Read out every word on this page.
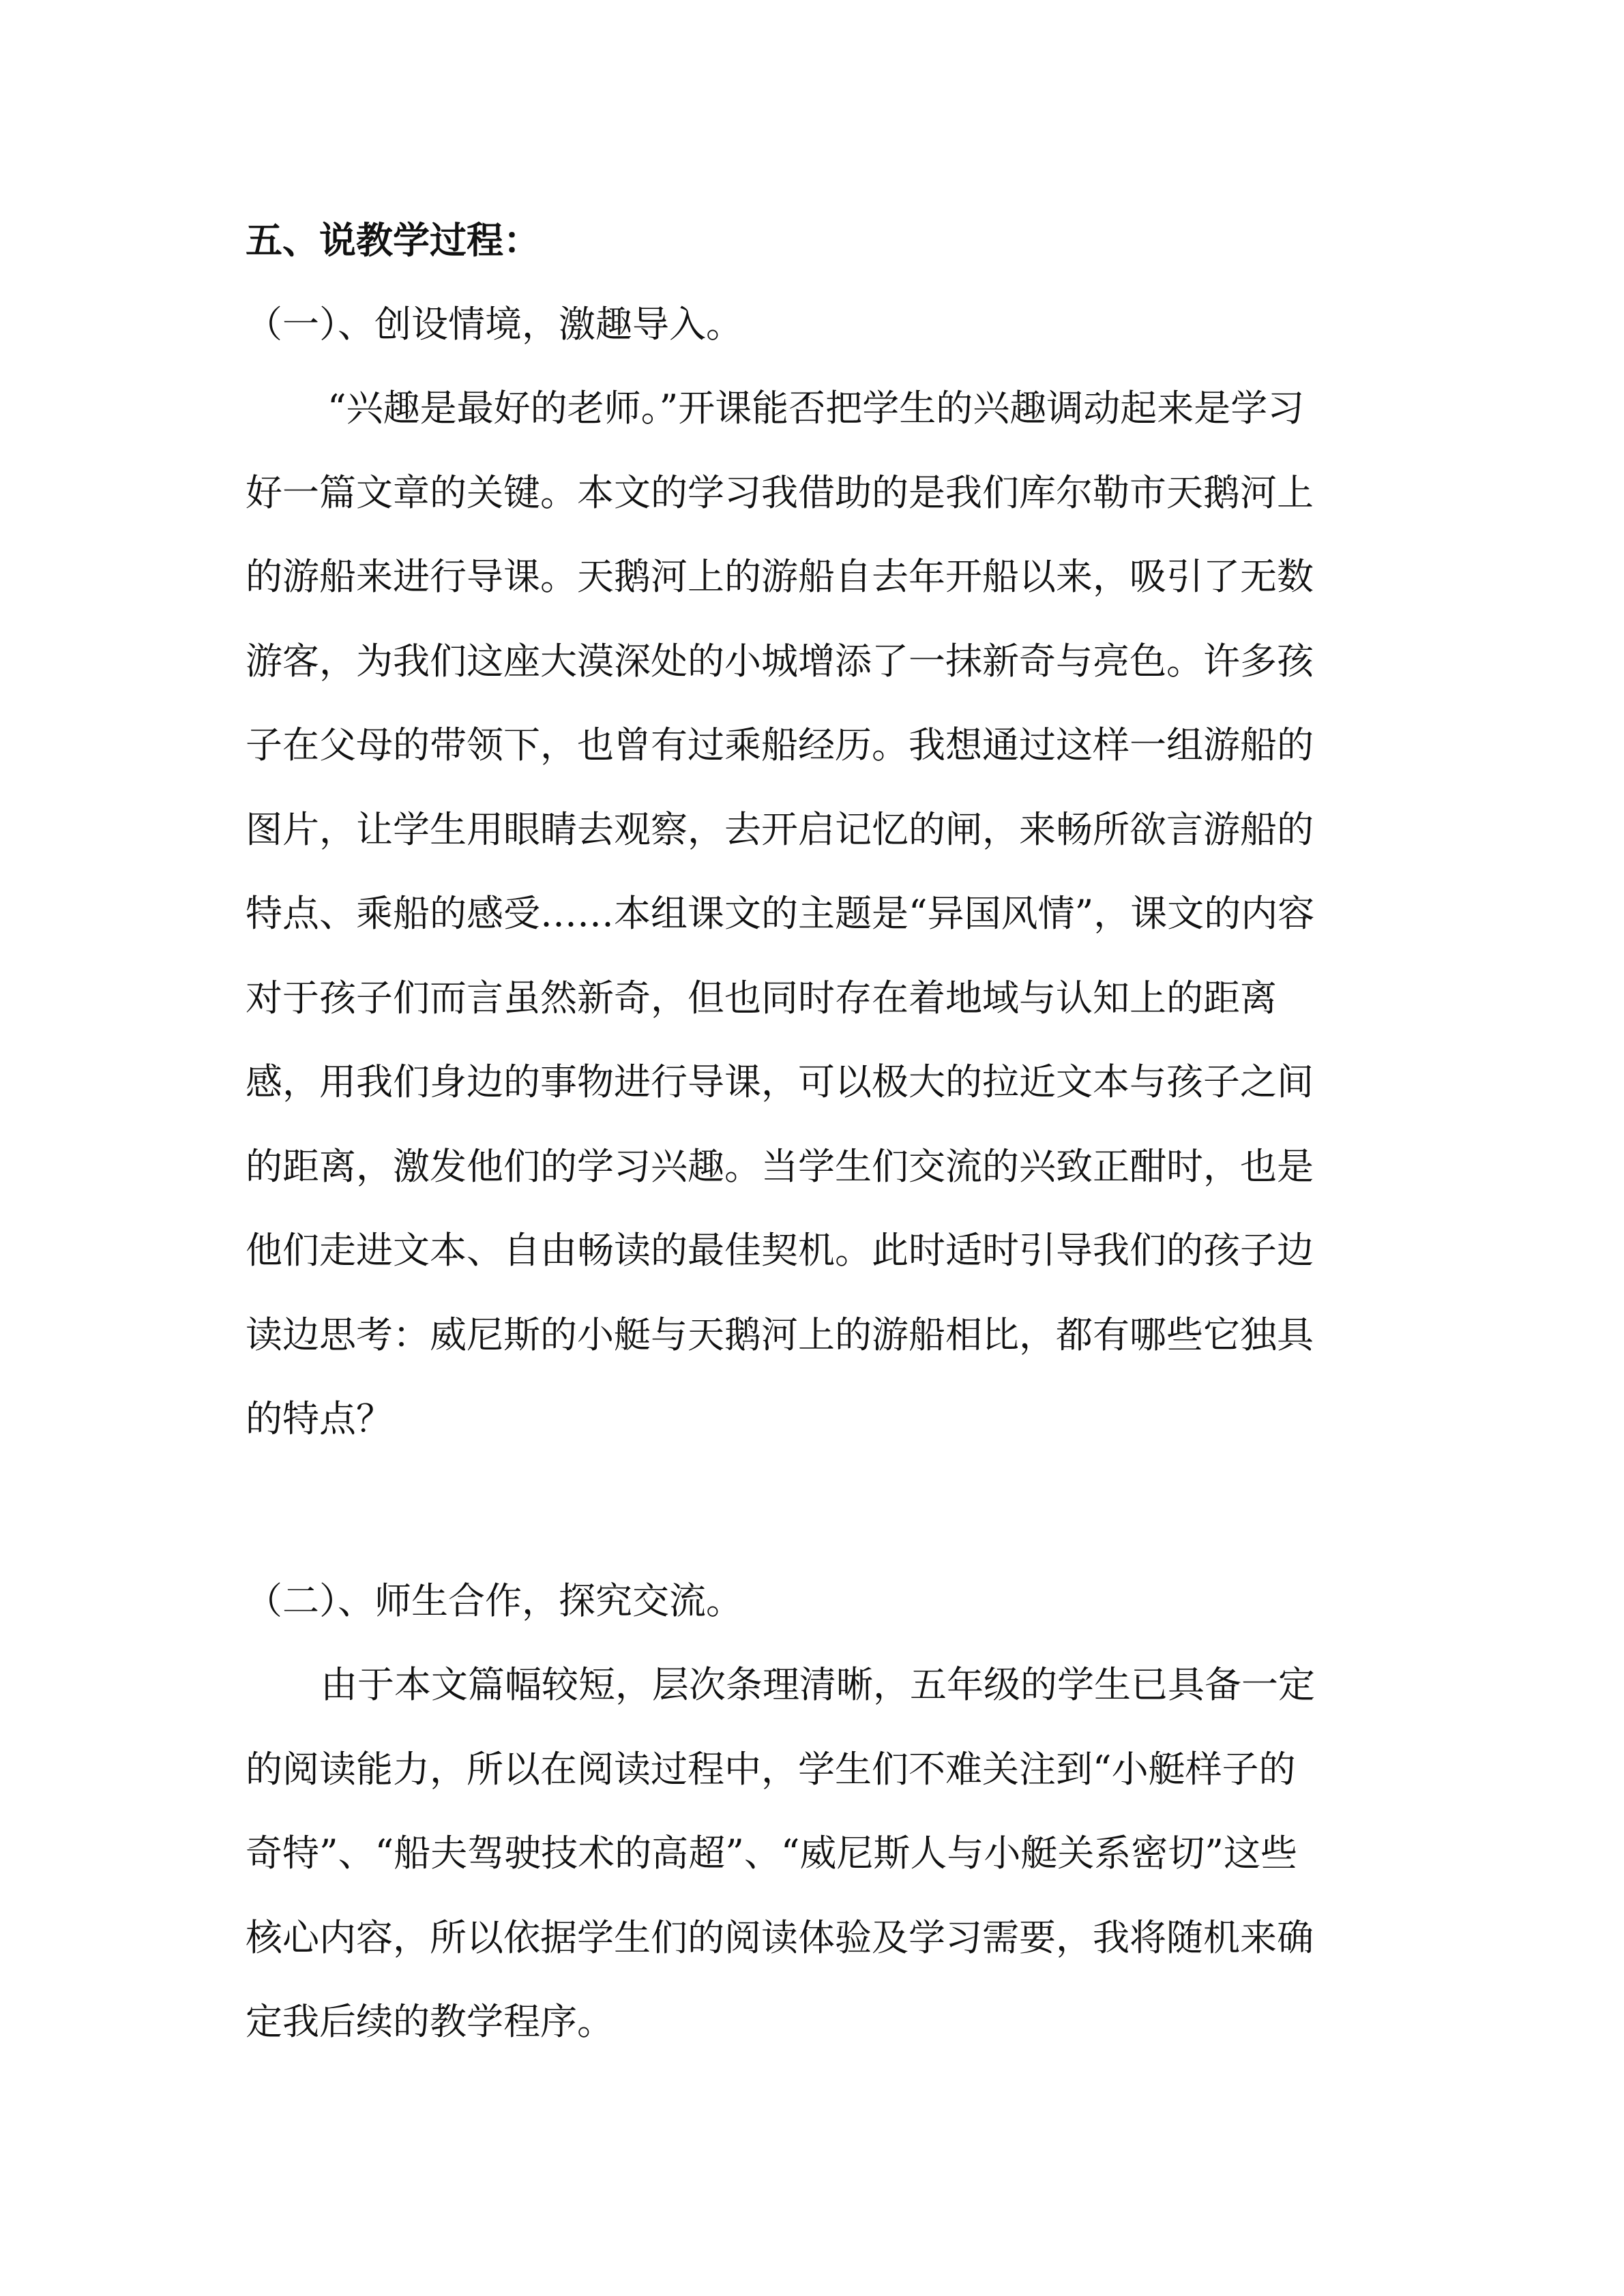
五、说教学过程：
（一）、创设情境，激趣导入。
“兴趣是最好的老师。”开课能否把学生的兴趣调动起来是学习
好一篇文章的关键。本文的学习我借助的是我们库尔勒市天鹅河上
的游船来进行导课。天鹅河上的游船自去年开船以来，吸引了无数
游客，为我们这座大漠深处的小城增添了一抹新奇与亮色。许多孩
子在父母的带领下，也曾有过乘船经历。我想通过这样一组游船的
图片，让学生用眼睛去观察，去开启记忆的闸，来畅所欲言游船的
特点、乘船的感受……本组课文的主题是“异国风情”，课文的内容
对于孩子们而言虽然新奇，但也同时存在着地域与认知上的距离
感，用我们身边的事物进行导课，可以极大的拉近文本与孩子之间
的距离，激发他们的学习兴趣。当学生们交流的兴致正酣时，也是
他们走进文本、自由畅读的最佳契机。此时适时引导我们的孩子边
读边思考：威尼斯的小艇与天鹅河上的游船相比，都有哪些它独具
的特点？
（二）、师生合作，探究交流。
由于本文篇幅较短，层次条理清晰，五年级的学生已具备一定
的阅读能力，所以在阅读过程中，学生们不难关注到“小艇样子的
奇特”、“船夫驾驶技术的高超”、“威尼斯人与小艇关系密切”这些
核心内容，所以依据学生们的阅读体验及学习需要，我将随机来确
定我后续的教学程序。
